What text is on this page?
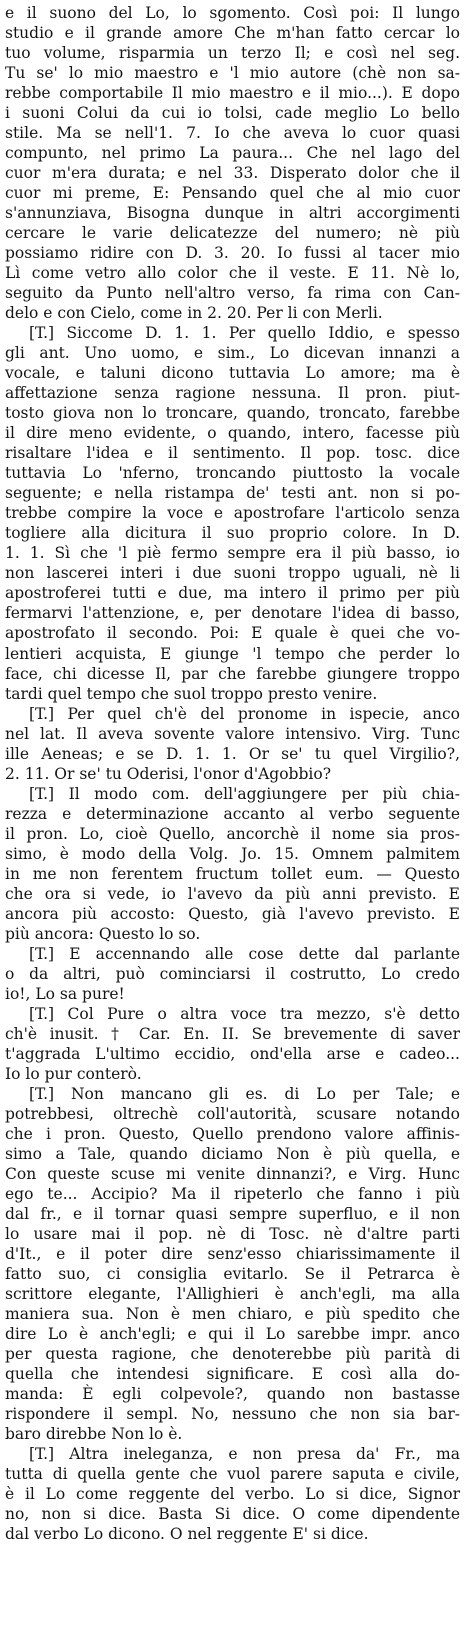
e il suono del Lo, lo sgomento. Così poi: Il lungo
studio e il grande amore Che m'han fatto cercar lo
tuo volume, risparmia un terzo Il; e così nel seg.
Tu se' lo mio maestro e 'l mio autore (chè non sa-
rebbe comportabile Il mio maestro e il mio...). E dopo
i suoni Colui da cui io tolsi, cade meglio Lo bello
stile. Ma se nell'1. 7. Io che aveva lo cuor quasi
compunto, nel primo La paura... Che nel lago del
cuor m'era durata; e nel 33. Disperato dolor che il
cuor mi preme, E: Pensando quel che al mio cuor
s'annunziava, Bisogna dunque in altri accorgimenti
cercare le varie delicatezze del numero; nè più
possiamo ridire con D. 3. 20. Io fussi al tacer mio
Lì come vetro allo color che il veste. E 11. Nè lo,
seguito da Punto nell'altro verso, fa rima con Can-
delo e con Cielo, come in 2. 20. Per li con Merli.
[T.] Siccome D. 1. 1. Per quello Iddio, e spesso
gli ant. Uno uomo, e sim., Lo dicevan innanzi a
vocale, e taluni dicono tuttavia Lo amore; ma è
affettazione senza ragione nessuna. Il pron. piut-
tosto giova non lo troncare, quando, troncato, farebbe
il dire meno evidente, o quando, intero, facesse più
risaltare l'idea e il sentimento. Il pop. tosc. dice
tuttavia Lo 'nferno, troncando piuttosto la vocale
seguente; e nella ristampa de' testi ant. non si po-
trebbe compire la voce e apostrofare l'articolo senza
togliere alla dicitura il suo proprio colore. In D.
1. 1. Sì che 'l piè fermo sempre era il più basso, io
non lascerei interi i due suoni troppo uguali, nè li
apostroferei tutti e due, ma intero il primo per più
fermarvi l'attenzione, e, per denotare l'idea di basso,
apostrofato il secondo. Poi: E quale è quei che vo-
lentieri acquista, E giunge 'l tempo che perder lo
face, chi dicesse Il, par che farebbe giungere troppo
tardi quel tempo che suol troppo presto venire.
[T.] Per quel ch'è del pronome in ispecie, anco
nel lat. Il aveva sovente valore intensivo. Virg. Tunc
ille Aeneas; e se D. 1. 1. Or se' tu quel Virgilio?,
2. 11. Or se' tu Oderisi, l'onor d'Agobbio?
[T.] Il modo com. dell'aggiungere per più chia-
rezza e determinazione accanto al verbo seguente
il pron. Lo, cioè Quello, ancorchè il nome sia pros-
simo, è modo della Volg. Jo. 15. Omnem palmitem
in me non ferentem fructum tollet eum. — Questo
che ora si vede, io l'avevo da più anni previsto. E
ancora più accosto: Questo, già l'avevo previsto. E
più ancora: Questo lo so.
[T.] E accennando alle cose dette dal parlante
o da altri, può cominciarsi il costrutto, Lo credo
io!, Lo sa pure!
[T.] Col Pure o altra voce tra mezzo, s'è detto
ch'è inusit. † Car. En. II. Se brevemente di saver
t'aggrada L'ultimo eccidio, ond'ella arse e cadeo...
Io lo pur conterò.
[T.] Non mancano gli es. di Lo per Tale; e
potrebbesi, oltrechè coll'autorità, scusare notando
che i pron. Questo, Quello prendono valore affinis-
simo a Tale, quando diciamo Non è più quella, e
Con queste scuse mi venite dinnanzi?, e Virg. Hunc
ego te... Accipio? Ma il ripeterlo che fanno i più
dal fr., e il tornar quasi sempre superfluo, e il non
lo usare mai il pop. nè di Tosc. nè d'altre parti
d'It., e il poter dire senz'esso chiarissimamente il
fatto suo, ci consiglia evitarlo. Se il Petrarca è
scrittore elegante, l'Allighieri è anch'egli, ma alla
maniera sua. Non è men chiaro, e più spedito che
dire Lo è anch'egli; e qui il Lo sarebbe impr. anco
per questa ragione, che denoterebbe più parità di
quella che intendesi significare. E così alla do-
manda: È egli colpevole?, quando non bastasse
rispondere il sempl. No, nessuno che non sia bar-
baro direbbe Non lo è.
[T.] Altra ineleganza, e non presa da' Fr., ma
tutta di quella gente che vuol parere saputa e civile,
è il Lo come reggente del verbo. Lo si dice, Signor
no, non si dice. Basta Si dice. O come dipendente
dal verbo Lo dicono. O nel reggente E' si dice.
